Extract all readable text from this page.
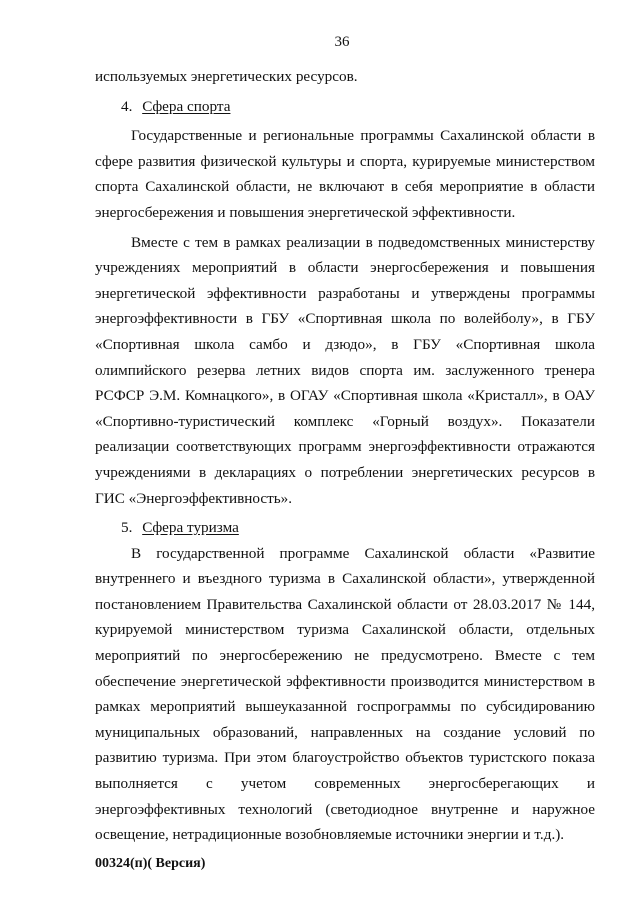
36

используемых энергетических ресурсов.

4. Сфера спорта

Государственные и региональные программы Сахалинской области в сфере развития физической культуры и спорта, курируемые министерством спорта Сахалинской области, не включают в себя мероприятие в области энергосбережения и повышения энергетической эффективности.

Вместе с тем в рамках реализации в подведомственных министерству учреждениях мероприятий в области энергосбережения и повышения энергетической эффективности разработаны и утверждены программы энергоэффективности в ГБУ «Спортивная школа по волейболу», в ГБУ «Спортивная школа самбо и дзюдо», в ГБУ «Спортивная школа олимпийского резерва летних видов спорта им. заслуженного тренера РСФСР Э.М. Комнацкого», в ОГАУ «Спортивная школа «Кристалл», в ОАУ «Спортивно-туристический комплекс «Горный воздух». Показатели реализации соответствующих программ энергоэффективности отражаются учреждениями в декларациях о потреблении энергетических ресурсов в ГИС «Энергоэффективность».

5. Сфера туризма

В государственной программе Сахалинской области «Развитие внутреннего и въездного туризма в Сахалинской области», утвержденной постановлением Правительства Сахалинской области от 28.03.2017 № 144, курируемой министерством туризма Сахалинской области, отдельных мероприятий по энергосбережению не предусмотрено. Вместе с тем обеспечение энергетической эффективности производится министерством в рамках мероприятий вышеуказанной госпрограммы по субсидированию муниципальных образований, направленных на создание условий по развитию туризма. При этом благоустройство объектов туристского показа выполняется с учетом современных энергосберегающих и энергоэффективных технологий (светодиодное внутренне и наружное освещение, нетрадиционные возобновляемые источники энергии и т.д.).

00324(п)( Версия)
